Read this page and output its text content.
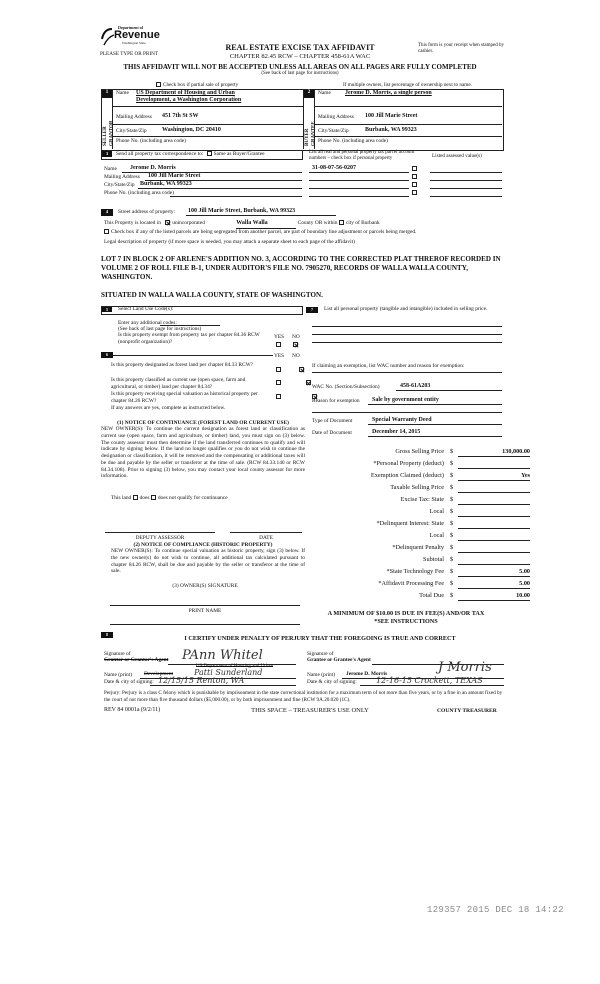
Department of
Revenue
Washington State
PLEASE TYPE OR PRINT
REAL ESTATE EXCISE TAX AFFIDAVIT
CHAPTER 82.45 RCW – CHAPTER 458-61A WAC
This form is your receipt when stamped by cashier.
THIS AFFIDAVIT WILL NOT BE ACCEPTED UNLESS ALL AREAS ON ALL PAGES ARE FULLY COMPLETED
(See back of last page for instructions)
Check box if partial sale of property	If multiple owners, list percentage of ownership next to name.
1
SELLER GRANTOR
Name US Department of Housing and Urban
Development, a Washington Corporation
Mailing Address 451 7th St SW
City/State/Zip	Washington, DC 20410
Phone No. (including area code)
2
BUYER GRANTEE
Name Jerome D. Morris, a single person
Mailing Address 100 Jill Marie Street
City/State/Zip	Burbank, WA 99323
Phone No. (including area code)
3	Send all property tax correspondence to: Same as Buyer/Grantee
Name Jerome D. Morris
Mailing Address 100 Jill Marie Street
City/State/Zip Burbank, WA 99323
Phone No. (including area code)
List all real and personal property tax parcel account numbers – check box if personal property	Listed assessed value(s)
31-08-07-56-0207
4	Street address of property: 100 Jill Marie Street, Burbank, WA 99323
This Property is located in unincorporated	Walla Walla	County OR within city of Burbank
Check box if any of the listed parcels are being segregated from another parcel, are part of boundary line adjustment or parcels being merged.
Legal description of property (if more space is needed, you may attach a separate sheet to each page of the affidavit)
LOT 7 IN BLOCK 2 OF ARLENE'S ADDITION NO. 3, ACCORDING TO THE CORRECTED PLAT THREROF RECORDED IN VOLUME 2 OF ROLL FILE B-1, UNDER AUDITOR'S FILE NO. 7905270, RECORDS OF WALLA WALLA COUNTY, WASHINGTON.
SITUATED IN WALLA WALLA COUNTY, STATE OF WASHINGTON.
5	Select Land Use Code(s):
Enter any additional codes:
(See back of last page for instructions)
Is this property exempt from property tax per chapter 84.36 RCW (nonprofit organization)?
YES NO

6	YES NO
Is this property designated as forest land per chapter 84.33 RCW?

Is this property classified as current use (open space, farm and agricultural, or timber) land per chapter 84.34?

Is this property receiving special valuation as historical property per chapter 84.26 RCW?
If any answers are yes, complete as instructed below.
(1) NOTICE OF CONTINUANCE (FOREST LAND OR CURRENT USE)
NEW OWNER(S): To continue the current designation as forest land or classification as current use (open space, farm and agriculture, or timber) land, you must sign on (3) below. The county assessor must then determine if the land transferred continues to qualify and will indicate by signing below. If the land no longer qualifies or you do not wish to continue the designation or classification, it will be removed and the compensating or additional taxes will be due and payable by the seller or transferor at the time of sale. (RCW 84.33.140 or RCW 84.34.108). Prior to signing (3) below, you may contact your local county assessor for more information.
This land does does not qualify for continuance
DEPUTY ASSESSOR	DATE
(2) NOTICE OF COMPLIANCE (HISTORIC PROPERTY)
NEW OWNER(S): To continue special valuation as historic property, sign (3) below. If the new owner(s) do not wish to continue, all additional tax calculated pursuant to chapter 84.26 RCW, shall be due and payable by the seller or transferor at the time of sale.
(3) OWNER(S) SIGNATURE
PRINT NAME
7	List all personal property (tangible and intangible) included in selling price.
If claiming an exemption, list WAC number and reason for exemption:
WAC No. (Section/Subsection)	458-61A203
Reason for exemption Sale by government entity
Type of Document	Special Warranty Deed
Date of Document	December 14, 2015
Gross Selling Price $	130,000.00
*Personal Property (deduct) $
Exemption Claimed (deduct) $	Yes
Taxable Selling Price $
Excise Tax: State $
Local $
*Delinquent Interest: State $
Local $
*Delinquent Penalty $
Subtotal $
*State Technology Fee $	5.00
*Affidavit Processing Fee $	5.00
Total Due $	10.00
A MINIMUM OF $10.00 IS DUE IN FEE(S) AND/OR TAX
*SEE INSTRUCTIONS
8
I CERTIFY UNDER PENALTY OF PERJURY THAT THE FOREGOING IS TRUE AND CORRECT
Signature of
Grantor or Grantor's Agent PAnn Whitel
US Department of Housing and Urban
Name (print) Development	Patti Sunderland
Date & city of signing: 12/15/15 Renton, WA
Signature of
Grantee or Grantee's Agent	J Morris
Name (print) Jerome D. Morris
Date & city of signing: 12-16-15 Crockett, TEXAS
Perjury: Perjury is a class C felony which is punishable by imprisonment in the state correctional institution for a maximum term of not more than five years, or by a fine in an amount fixed by the court of not more than five thousand dollars ($5,000.00), or by both imprisonment and fine (RCW 9A.20.020 (1C).
REV 84 0001a (9/2/11)	THIS SPACE – TREASURER'S USE ONLY	COUNTY TREASURER
129357 2015 DEC 18 14:22
